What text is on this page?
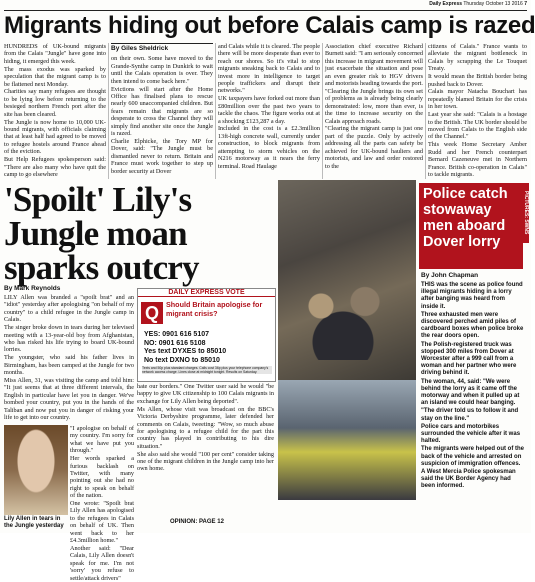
Daily Express Thursday October 13 2016 7
Migrants hiding out before Calais camp is razed

HUNDREDS of UK-bound migrants from the Calais "Jungle" have gone into hiding, it emerged this week.

The mass exodus was sparked by speculation that the migrant camp is to be flattened next Monday.

Charities say many refugees are thought to be lying low before returning to the besieged northern French port after the site has been cleared.

The Jungle is now home to 10,000 UK-bound migrants, with officials claiming that at least half had agreed to be moved to refugee hostels around France ahead of the eviction.

But Help Refugees spokesperson said: "There are also many who have quit the camp to go elsewhere

By Giles Sheldrick

on their own. Some have moved to the Grande-Synthe camp in Dunkirk to wait until the Calais operation is over. They then intend to come back here."

Evictions will start after the Home Office has finalised plans to rescue nearly 600 unaccompanied children. But fears remain that migrants are so desperate to cross the Channel they will simply find another site once the Jungle is razed.

Charlie Elphicke, the Tory MP for Dover, said: "The Jungle must be dismantled never to return. Britain and France must work together to step up border security at Dover

and Calais while it is cleared. The people there will be more desperate than ever to reach our shores. So it's vital to stop migrants sneaking back to Calais and to invest more in intelligence to target people traffickers and disrupt their networks."

UK taxpayers have forked out more than £80million over the past two years to tackle the chaos. The figure works out at a shocking £123,287 a day.

Included in the cost is a £2.3million 13ft-high concrete wall, currently under construction, to block migrants from attempting to storm vehicles on the N216 motorway as it nears the ferry terminal. Road Haulage

Association chief executive Richard Burnett said: "I am seriously concerned this increase in migrant movement will just exacerbate the situation and pose an even greater risk to HGV drivers and motorists heading towards the port.

"Clearing the Jungle brings its own set of problems as is already being clearly demonstrated: low, more than ever, is the time to increase security on the Calais approach roads.

"Clearing the migrant camp is just one part of the puzzle. Only by actively addressing all the parts can safety be achieved for UK-bound hauliers and motorists, and law and order restored to the

citizens of Calais." France wants to alleviate the migrant bottleneck in Calais by scrapping the Le Touquet Treaty.

It would mean the British border being pushed back to Dover.

Calais mayor Natacha Bouchart has repeatedly blamed Britain for the crisis in her town.

Last year she said: "Calais is a hostage to the British. The UK border should be moved from Calais to the English side of the Channel."

This week Home Secretary Amber Rudd and her French counterpart Bernard Cazeneuve met in Northern France. British co-operation in Calais" to tackle migrants.

'Spoilt' Lily's
Jungle moan
sparks outcry
By Mark Reynolds

LILY Allen was branded a "spoilt brat" and an "idiot" yesterday after apologising "on behalf of my country" to a child refugee in the Jungle camp in Calais.

The singer broke down in tears during her televised meeting with a 13-year-old boy from Afghanistan, who has risked his life trying to board UK-bound lorries.

The youngster, who said his father lives in Birmingham, has been camped at the Jungle for two months.

Miss Allen, 31, was visiting the camp and told him: "It just seems that at three different intervals, the English in particular have let you in danger. We've bombed your country, put you in the hands of the Taliban and now put you in danger of risking your life to get into our country.

"I apologise on behalf of my country. I'm sorry for what we have put you through."

Her words sparked a furious backlash on Twitter, with many pointing out she had no right to speak on behalf of the nation.

One wrote: "Spoilt brat Lily Allen has apologised to the refugees in Calais on behalf of UK. Then went back to her £4.3million home."

Another said: "Dear Calais, Lily Allen doesn't speak for me. I'm not 'sorry' you refuse to settle/attack drivers"

hate our borders." One Twitter user said he would "be happy to give UK citizenship to 100 Calais migrants in exchange for Lily Allen being deported".

Ms Allen, whose visit was broadcast on the BBC's Victoria Derbyshire programme, later defended her comments on Calais, tweeting: "Wow, so much abuse for apologising to a refugee child for the part this country has played in contributing to his dire situation."

She also said she would "100 per cent" consider taking one of the migrant children in the Jungle camp into her own home.

Lily Allen in tears in the Jungle yesterday
OPINION: PAGE 12
DAILY EXPRESS VOTE
Q Should Britain apologise for migrant crisis?
YES: 0901 616 5107
NO: 0901 616 5108
Yes text DYXES to 85010
No text DXNO to 85010
Texts and 50p plus standard charges. Calls cost 36p plus your telephone company's network access charge. Lines close at midnight tonight. Results on Saturday.
Police catch stowaway men aboard Dover lorry
PICTURES: SWNS
By John Chapman

THIS was the scene as police found illegal migrants hiding in a lorry after banging was heard from inside it.

Three exhausted men were discovered perched amid piles of cardboard boxes when police broke the rear doors open.

The Polish-registered truck was stopped 300 miles from Dover at Worcester after a 999 call from a woman and her partner who were driving behind it.

The woman, 44, said: "We were behind the lorry as it came off the motorway and when it pulled up at an island we could hear banging.

"The driver told us to follow it and stay on the line."

Police cars and motorbikes surrounded the vehicle after it was halted.

The migrants were helped out of the back of the vehicle and arrested on suspicion of immigration offences.

A West Mercia Police spokesman said the UK Border Agency had been informed.
